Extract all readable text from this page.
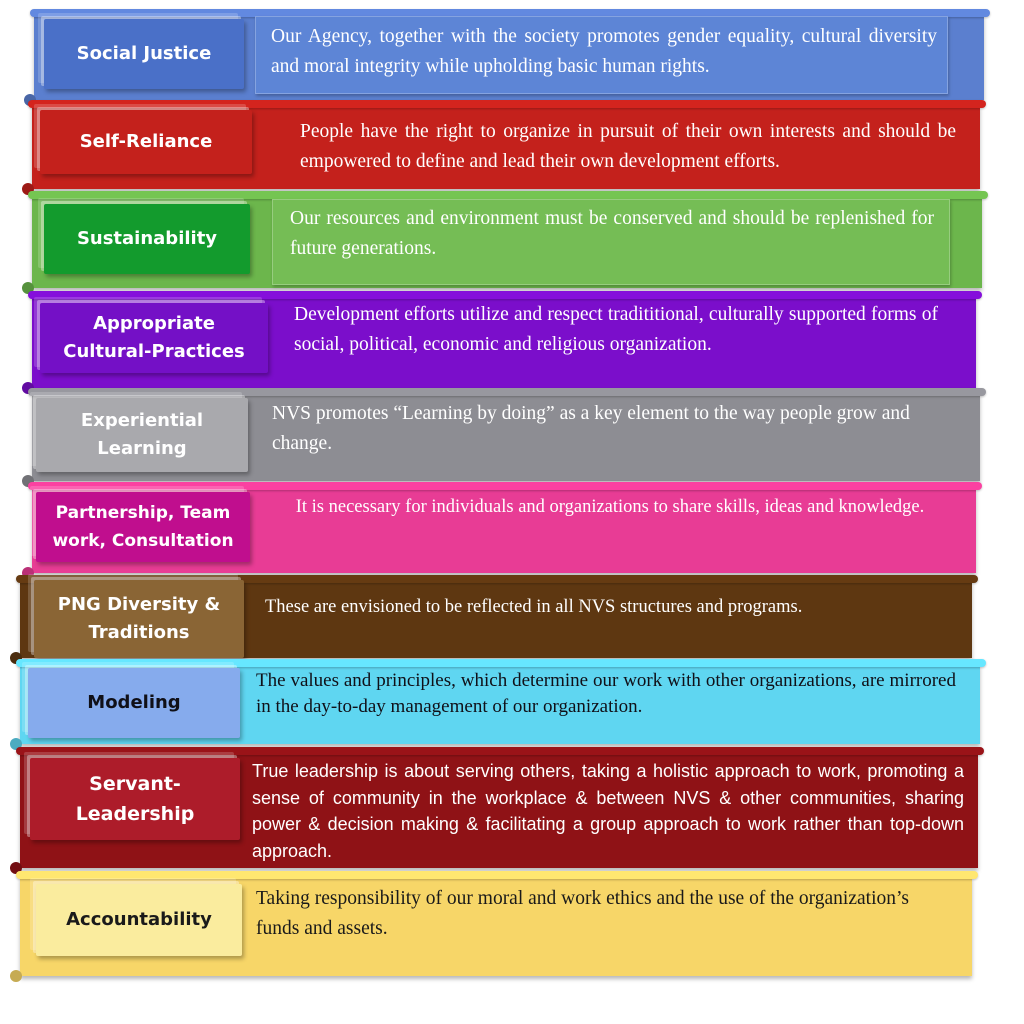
Social Justice

Our Agency, together with the society promotes gender equality, cultural diversity and moral integrity while upholding basic human rights.

Self-Reliance	People have the right to organize in pursuit of their own interests and should be empowered to define and lead their own development efforts.

Sustainability

Our resources and environment must be conserved and should be replenished for future generations.

Appropriate
Cultural-Practices

Development efforts utilize and respect tradititional, culturally supported forms of social, political, economic and religious organization.

Experiential
Learning

NVS promotes “Learning by doing” as a key element to the way people grow and change.

Partnership, Team
work, Consultation

It is necessary for individuals and organizations to share skills, ideas and knowledge.

PNG Diversity &
Traditions

These are envisioned to be reflected in all NVS structures and programs.

Modeling

The values and principles, which determine our work with other organizations, are mirrored in the day-to-day management of our organization.

Servant-
Leadership

True leadership is about serving others, taking a holistic approach to work, promoting a sense of community in the workplace & between NVS & other communities, sharing power & decision making & facilitating a group approach to work rather than top-down approach.

Accountability

Taking responsibility of our moral and work ethics and the use of the organization’s funds and assets.
